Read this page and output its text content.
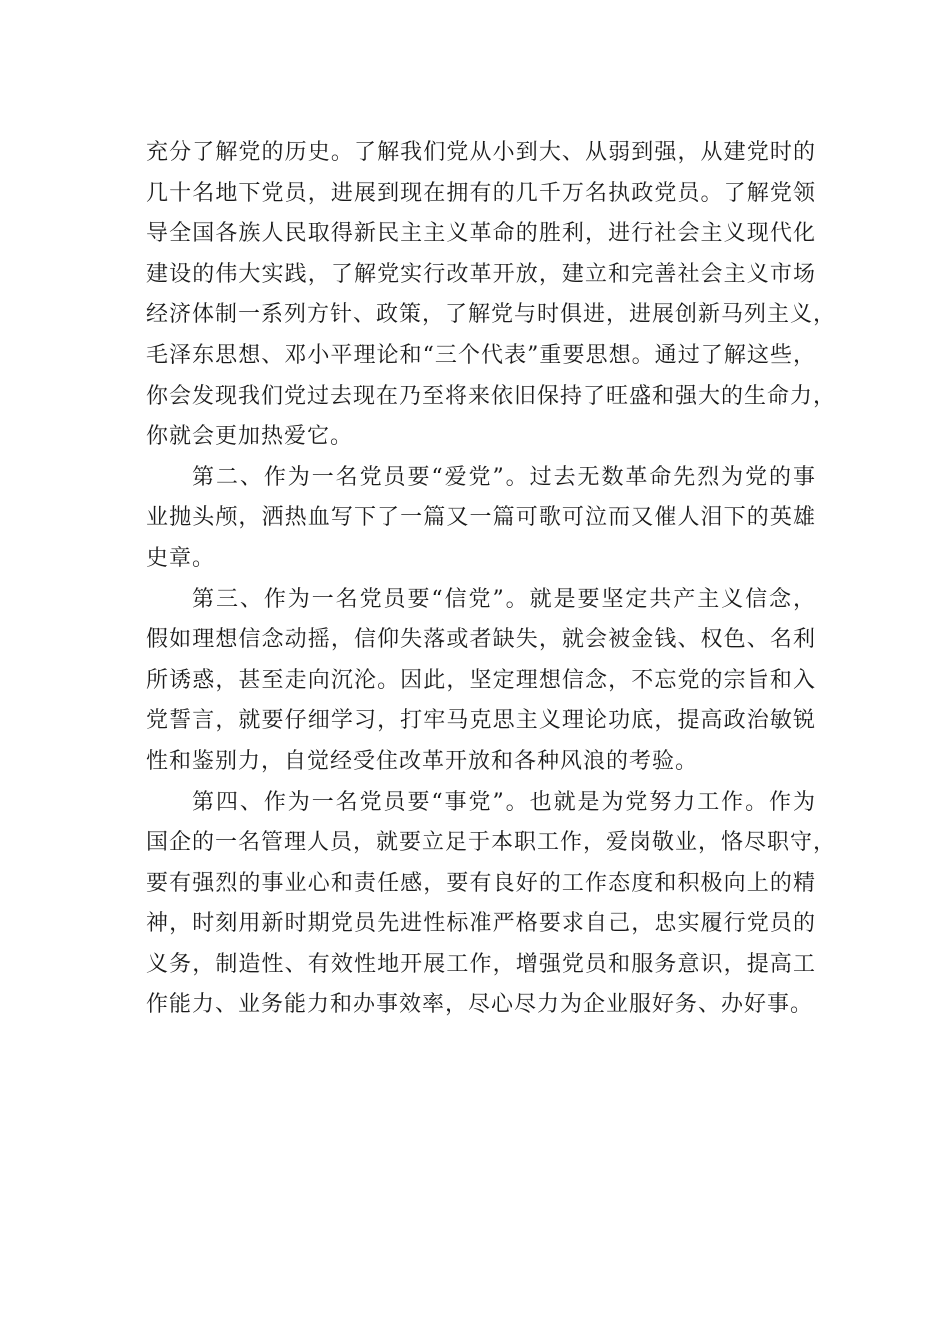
充分了解党的历史。了解我们党从小到大、从弱到强，从建党时的
几十名地下党员，进展到现在拥有的几千万名执政党员。了解党领
导全国各族人民取得新民主主义革命的胜利，进行社会主义现代化
建设的伟大实践，了解党实行改革开放，建立和完善社会主义市场
经济体制一系列方针、政策，了解党与时俱进，进展创新马列主义，
毛泽东思想、邓小平理论和“三个代表”重要思想。通过了解这些，
你会发现我们党过去现在乃至将来依旧保持了旺盛和强大的生命力，
你就会更加热爱它。

第二、作为一名党员要“爱党”。过去无数革命先烈为党的事
业抛头颅，洒热血写下了一篇又一篇可歌可泣而又催人泪下的英雄
史章。

第三、作为一名党员要“信党”。就是要坚定共产主义信念，
假如理想信念动摇，信仰失落或者缺失，就会被金钱、权色、名利
所诱惑，甚至走向沉沦。因此，坚定理想信念，不忘党的宗旨和入
党誓言，就要仔细学习，打牢马克思主义理论功底，提高政治敏锐
性和鉴别力，自觉经受住改革开放和各种风浪的考验。

第四、作为一名党员要“事党”。也就是为党努力工作。作为
国企的一名管理人员，就要立足于本职工作，爱岗敬业，恪尽职守，
要有强烈的事业心和责任感，要有良好的工作态度和积极向上的精
神，时刻用新时期党员先进性标准严格要求自己，忠实履行党员的
义务，制造性、有效性地开展工作，增强党员和服务意识，提高工
作能力、业务能力和办事效率，尽心尽力为企业服好务、办好事。
